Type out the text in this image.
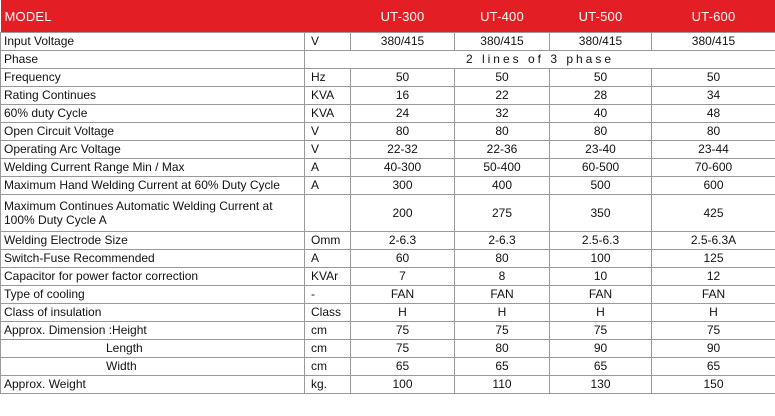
MODEL		UT-300	UT-400	UT-500	UT-600
Input Voltage	V	380/415	380/415	380/415	380/415
Phase	2 lines of 3 phase				
Frequency	Hz	50	50	50	50
Rating Continues	KVA	16	22	28	34
60% duty Cycle	KVA	24	32	40	48
Open Circuit Voltage	V	80	80	80	80
Operating Arc Voltage	V	22-32	22-36	23-40	23-44
Welding Current Range Min / Max	A	40-300	50-400	60-500	70-600
Maximum Hand Welding Current at 60% Duty Cycle	A	300	400	500	600
Maximum Continues Automatic Welding Current at 100% Duty Cycle A		200	275	350	425
Welding Electrode Size	Omm	2-6.3	2-6.3	2.5-6.3	2.5-6.3A
Switch-Fuse Recommended	A	60	80	100	125
Capacitor for power factor correction	KVAr	7	8	10	12
Type of cooling	-	FAN	FAN	FAN	FAN
Class of insulation	Class	H	H	H	H
Approx. Dimension :Height	cm	75	75	75	75
Length	cm	75	80	90	90
Width	cm	65	65	65	65
Approx. Weight	kg.	100	110	130	150
